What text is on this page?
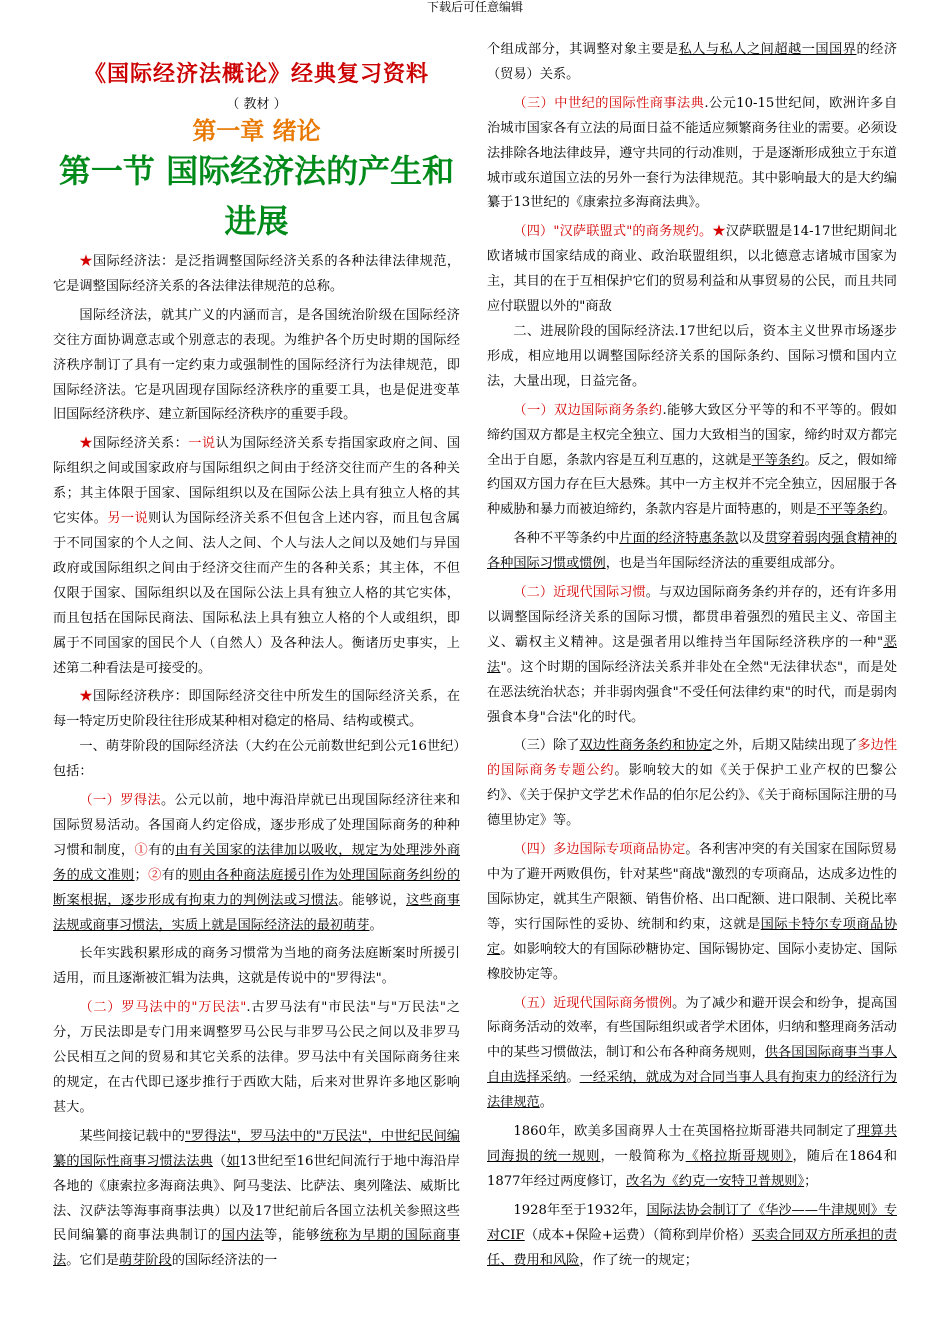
下载后可任意编辑
《国际经济法概论》经典复习资料
（ 教材 ）
第一章 绪论
第一节 国际经济法的产生和进展

★国际经济法：是泛指调整国际经济关系的各种法律法律规范，它是调整国际经济关系的各法律法律规范的总称。

国际经济法，就其广义的内涵而言，是各国统治阶级在国际经济交往方面协调意志或个别意志的表现。为维护各个历史时期的国际经济秩序制订了具有一定约束力或强制性的国际经济行为法律规范，即国际经济法。它是巩固现存国际经济秩序的重要工具，也是促进变革旧国际经济秩序、建立新国际经济秩序的重要手段。

★国际经济关系：一说认为国际经济关系专指国家政府之间、国际组织之间或国家政府与国际组织之间由于经济交往而产生的各种关系；其主体限于国家、国际组织以及在国际公法上具有独立人格的其它实体。另一说则认为国际经济关系不但包含上述内容，而且包含属于不同国家的个人之间、法人之间、个人与法人之间以及她们与异国政府或国际组织之间由于经济交往而产生的各种关系；其主体，不但仅限于国家、国际组织以及在国际公法上具有独立人格的其它实体，而且包括在国际民商法、国际私法上具有独立人格的个人或组织，即属于不同国家的国民个人（自然人）及各种法人。衡诸历史事实，上述第二种看法是可接受的。

★国际经济秩序：即国际经济交往中所发生的国际经济关系，在每一特定历史阶段往往形成某种相对稳定的格局、结构或模式。

一、萌芽阶段的国际经济法（大约在公元前数世纪到公元16世纪）包括：

（一）罗得法。公元以前，地中海沿岸就已出现国际经济往来和国际贸易活动。各国商人约定俗成，逐步形成了处理国际商务的种种习惯和制度，①有的由有关国家的法律加以吸收，规定为处理涉外商务的成文准则；②有的则由各种商法庭援引作为处理国际商务纠纷的断案根据，逐步形成有拘束力的判例法或习惯法。能够说，这些商事法规或商事习惯法，实质上就是国际经济法的最初萌芽。

长年实践积累形成的商务习惯常为当地的商务法庭断案时所援引适用，而且逐渐被汇辑为法典，这就是传说中的"罗得法"。

（二）罗马法中的"万民法".古罗马法有"市民法"与"万民法"之分，万民法即是专门用来调整罗马公民与非罗马公民之间以及非罗马公民相互之间的贸易和其它关系的法律。罗马法中有关国际商务往来的规定，在古代即已逐步推行于西欧大陆，后来对世界许多地区影响甚大。

某些间接记载中的"罗得法"，罗马法中的"万民法"，中世纪民间编纂的国际性商事习惯法法典（如13世纪至16世纪间流行于地中海沿岸各地的《康索拉多海商法典》、阿马斐法、比萨法、奥列隆法、威斯比法、汉萨法等海事商事法典）以及17世纪前后各国立法机关参照这些民间编纂的商事法典制订的国内法等，能够统称为早期的国际商事法。它们是萌芽阶段的国际经济法的一

个组成部分，其调整对象主要是私人与私人之间超越一国国界的经济（贸易）关系。

（三）中世纪的国际性商事法典.公元10-15世纪间，欧洲许多自治城市国家各有立法的局面日益不能适应频繁商务往业的需要。必须设法排除各地法律歧异，遵守共同的行动准则，于是逐渐形成独立于东道城市或东道国立法的另外一套行为法律规范。其中影响最大的是大约编纂于13世纪的《康索拉多海商法典》。

（四）"汉萨联盟式"的商务规约。★汉萨联盟是14-17世纪期间北欧诸城市国家结成的商业、政治联盟组织，以北德意志诸城市国家为主，其目的在于互相保护它们的贸易利益和从事贸易的公民，而且共同应付联盟以外的"商敌

二、进展阶段的国际经济法.17世纪以后，资本主义世界市场逐步形成，相应地用以调整国际经济关系的国际条约、国际习惯和国内立法，大量出现，日益完备。

（一）双边国际商务条约.能够大致区分平等的和不平等的。假如缔约国双方都是主权完全独立、国力大致相当的国家，缔约时双方都完全出于自愿，条款内容是互利互惠的，这就是平等条约。反之，假如缔约国双方国力存在巨大悬殊。其中一方主权并不完全独立，因屈服于各种威胁和暴力而被迫缔约，条款内容是片面特惠的，则是不平等条约。

各种不平等条约中片面的经济特惠条款以及贯穿着弱肉强食精神的各种国际习惯或惯例，也是当年国际经济法的重要组成部分。

（二）近现代国际习惯。与双边国际商务条约并存的，还有许多用以调整国际经济关系的国际习惯，都贯串着强烈的殖民主义、帝国主义、霸权主义精神。这是强者用以维持当年国际经济秩序的一种"恶法"。这个时期的国际经济法关系并非处在全然"无法律状态"，而是处在恶法统治状态；并非弱肉强食"不受任何法律约束"的时代，而是弱肉强食本身"合法"化的时代。

（三）除了双边性商务条约和协定之外，后期又陆续出现了多边性的国际商务专题公约。影响较大的如《关于保护工业产权的巴黎公约》、《关于保护文学艺术作品的伯尔尼公约》、《关于商标国际注册的马德里协定》等。

（四）多边国际专项商品协定。各利害冲突的有关国家在国际贸易中为了避开两败俱伤，针对某些"商战"激烈的专项商品，达成多边性的国际协定，就其生产限额、销售价格、出口配额、进口限制、关税比率等，实行国际性的妥协、统制和约束，这就是国际卡特尔专项商品协定。如影响较大的有国际砂糖协定、国际锡协定、国际小麦协定、国际橡胶协定等。

（五）近现代国际商务惯例。为了减少和避开误会和纷争，提高国际商务活动的效率，有些国际组织或者学术团体，归纳和整理商务活动中的某些习惯做法，制订和公布各种商务规则，供各国国际商事当事人自由选择采纳。一经采纳，就成为对合同当事人具有拘束力的经济行为法律规范。

1860年，欧美多国商界人士在英国格拉斯哥港共同制定了理算共同海损的统一规则，一般简称为《格拉斯哥规则》，随后在1864和1877年经过两度修订，改名为《约克一安特卫普规则》；

1928年至于1932年，国际法协会制订了《华沙——牛津规则》专对CIF（成本+保险+运费）（简称到岸价格）买卖合同双方所承担的责任、费用和风险，作了统一的规定；
